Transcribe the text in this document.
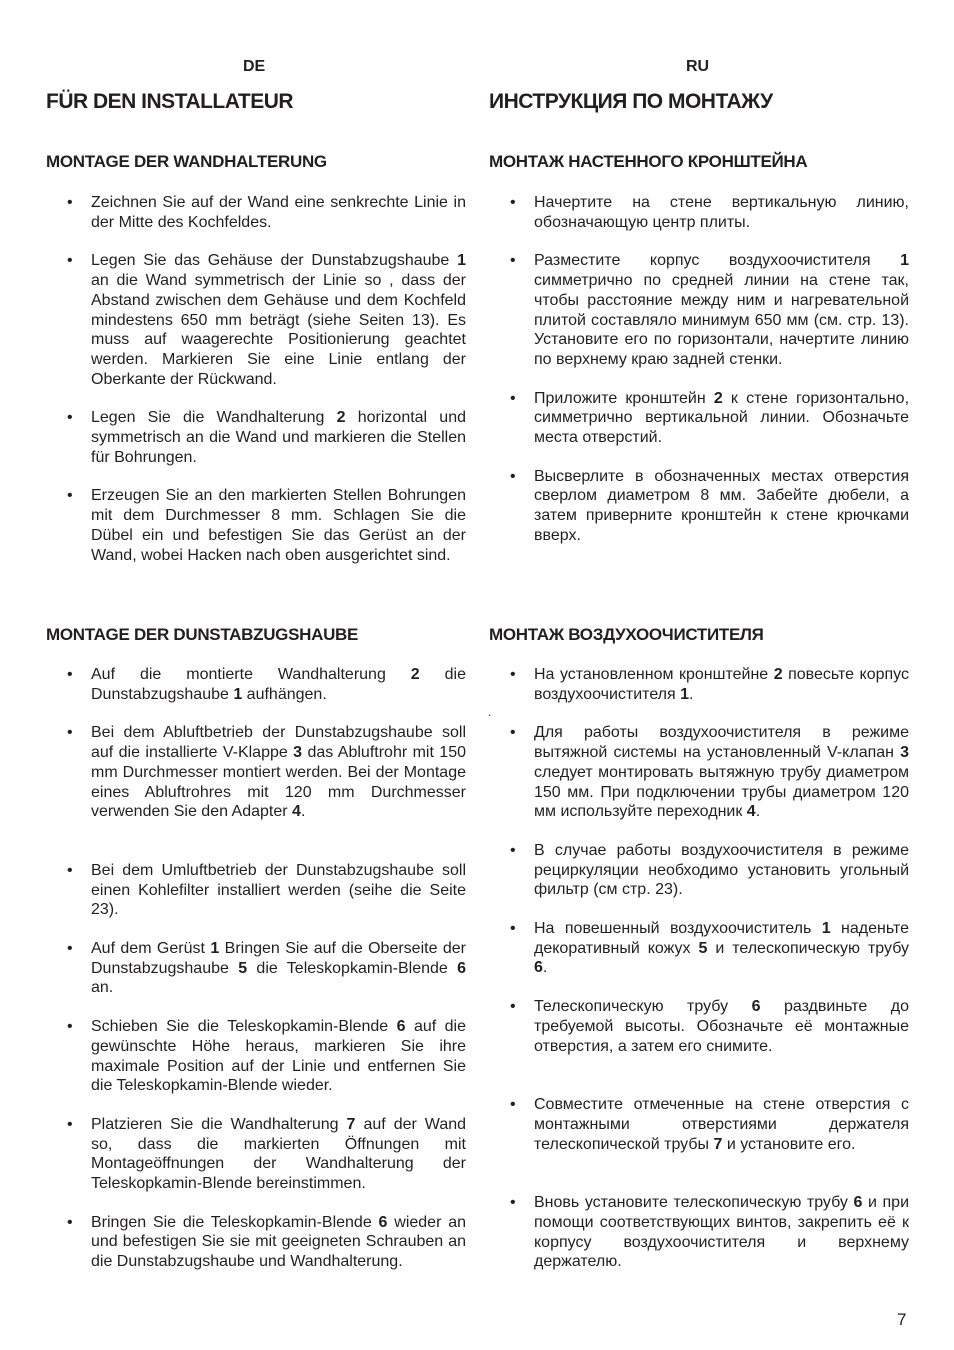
DE
FÜR DEN INSTALLATEUR
MONTAGE DER WANDHALTERUNG
• Zeichnen Sie auf der Wand eine senkrechte Linie in der Mitte des Kochfeldes.
• Legen Sie das Gehäuse der Dunstabzugshaube 1 an die Wand symmetrisch der Linie so , dass der Abstand zwischen dem Gehäuse und dem Kochfeld mindestens 650 mm beträgt (siehe Seiten 13). Es muss auf waagerechte Positionierung geachtet werden. Markieren Sie eine Linie entlang der Oberkante der Rückwand.
• Legen Sie die Wandhalterung 2 horizontal und symmetrisch an die Wand und markieren die Stellen für Bohrungen.
• Erzeugen Sie an den markierten Stellen Bohrungen mit dem Durchmesser 8 mm. Schlagen Sie die Dübel ein und befestigen Sie das Gerüst an der Wand, wobei Hacken nach oben ausgerichtet sind.
MONTAGE DER DUNSTABZUGSHAUBE
• Auf die montierte Wandhalterung 2 die Dunstabzugshaube 1 aufhängen.
• Bei dem Abluftbetrieb der Dunstabzugshaube soll auf die installierte V-Klappe 3 das Abluftrohr mit 150 mm Durchmesser montiert werden. Bei der Montage eines Abluftrohres mit 120 mm Durchmesser verwenden Sie den Adapter 4.
• Bei dem Umluftbetrieb der Dunstabzugshaube soll einen Kohlefilter installiert werden (seihe die Seite 23).
• Auf dem Gerüst 1 Bringen Sie auf die Oberseite der Dunstabzugshaube 5 die Teleskopkamin-Blende 6 an.
• Schieben Sie die Teleskopkamin-Blende 6 auf die gewünschte Höhe heraus, markieren Sie ihre maximale Position auf der Linie und entfernen Sie die Teleskopkamin-Blende wieder.
• Platzieren Sie die Wandhalterung 7 auf der Wand so, dass die markierten Öffnungen mit Montageöffnungen der Wandhalterung der Teleskopkamin-Blende bereinstimmen.
• Bringen Sie die Teleskopkamin-Blende 6 wieder an und befestigen Sie sie mit geeigneten Schrauben an die Dunstabzugshaube und Wandhalterung.
RU
ИНСТРУКЦИЯ ПО МОНТАЖУ
МОНТАЖ НАСТЕННОГО КРОНШТЕЙНА
• Начертите на стене вертикальную линию, обозначающую центр плиты.
• Разместите корпус воздухоочистителя 1 симметрично по средней линии на стене так, чтобы расстояние между ним и нагревательной плитой составляло минимум 650 мм (см. стр. 13). Установите его по горизонтали, начертите линию по верхнему краю задней стенки.
• Приложите кронштейн 2 к стене горизонтально, симметрично вертикальной линии. Обозначьте места отверстий.
• Высверлите в обозначенных местах отверстия сверлом диаметром 8 мм. Забейте дюбели, а затем приверните кронштейн к стене крючками вверх.
МОНТАЖ ВОЗДУХООЧИСТИТЕЛЯ
• На установленном кронштейне 2 повесьте корпус воздухоочистителя 1.
• Для работы воздухоочистителя в режиме вытяжной системы на установленный V-клапан 3 следует монтировать вытяжную трубу диаметром 150 мм. При подключении трубы диаметром 120 мм используйте переходник 4.
• В случае работы воздухоочистителя в режиме рециркуляции необходимо установить угольный фильтр (см стр. 23).
• На повешенный воздухоочиститель 1 наденьте декоративный кожух 5 и телескопическую трубу 6.
• Телескопическую трубу 6 раздвиньте до требуемой высоты. Обозначьте её монтажные отверстия, а затем его снимите.
• Совместите отмеченные на стене отверстия с монтажными отверстиями держателя телескопической трубы 7 и установите его.
• Вновь установите телескопическую трубу 6 и при помощи соответствующих винтов, закрепить её к корпусу воздухоочистителя и верхнему держателю.
.
7
